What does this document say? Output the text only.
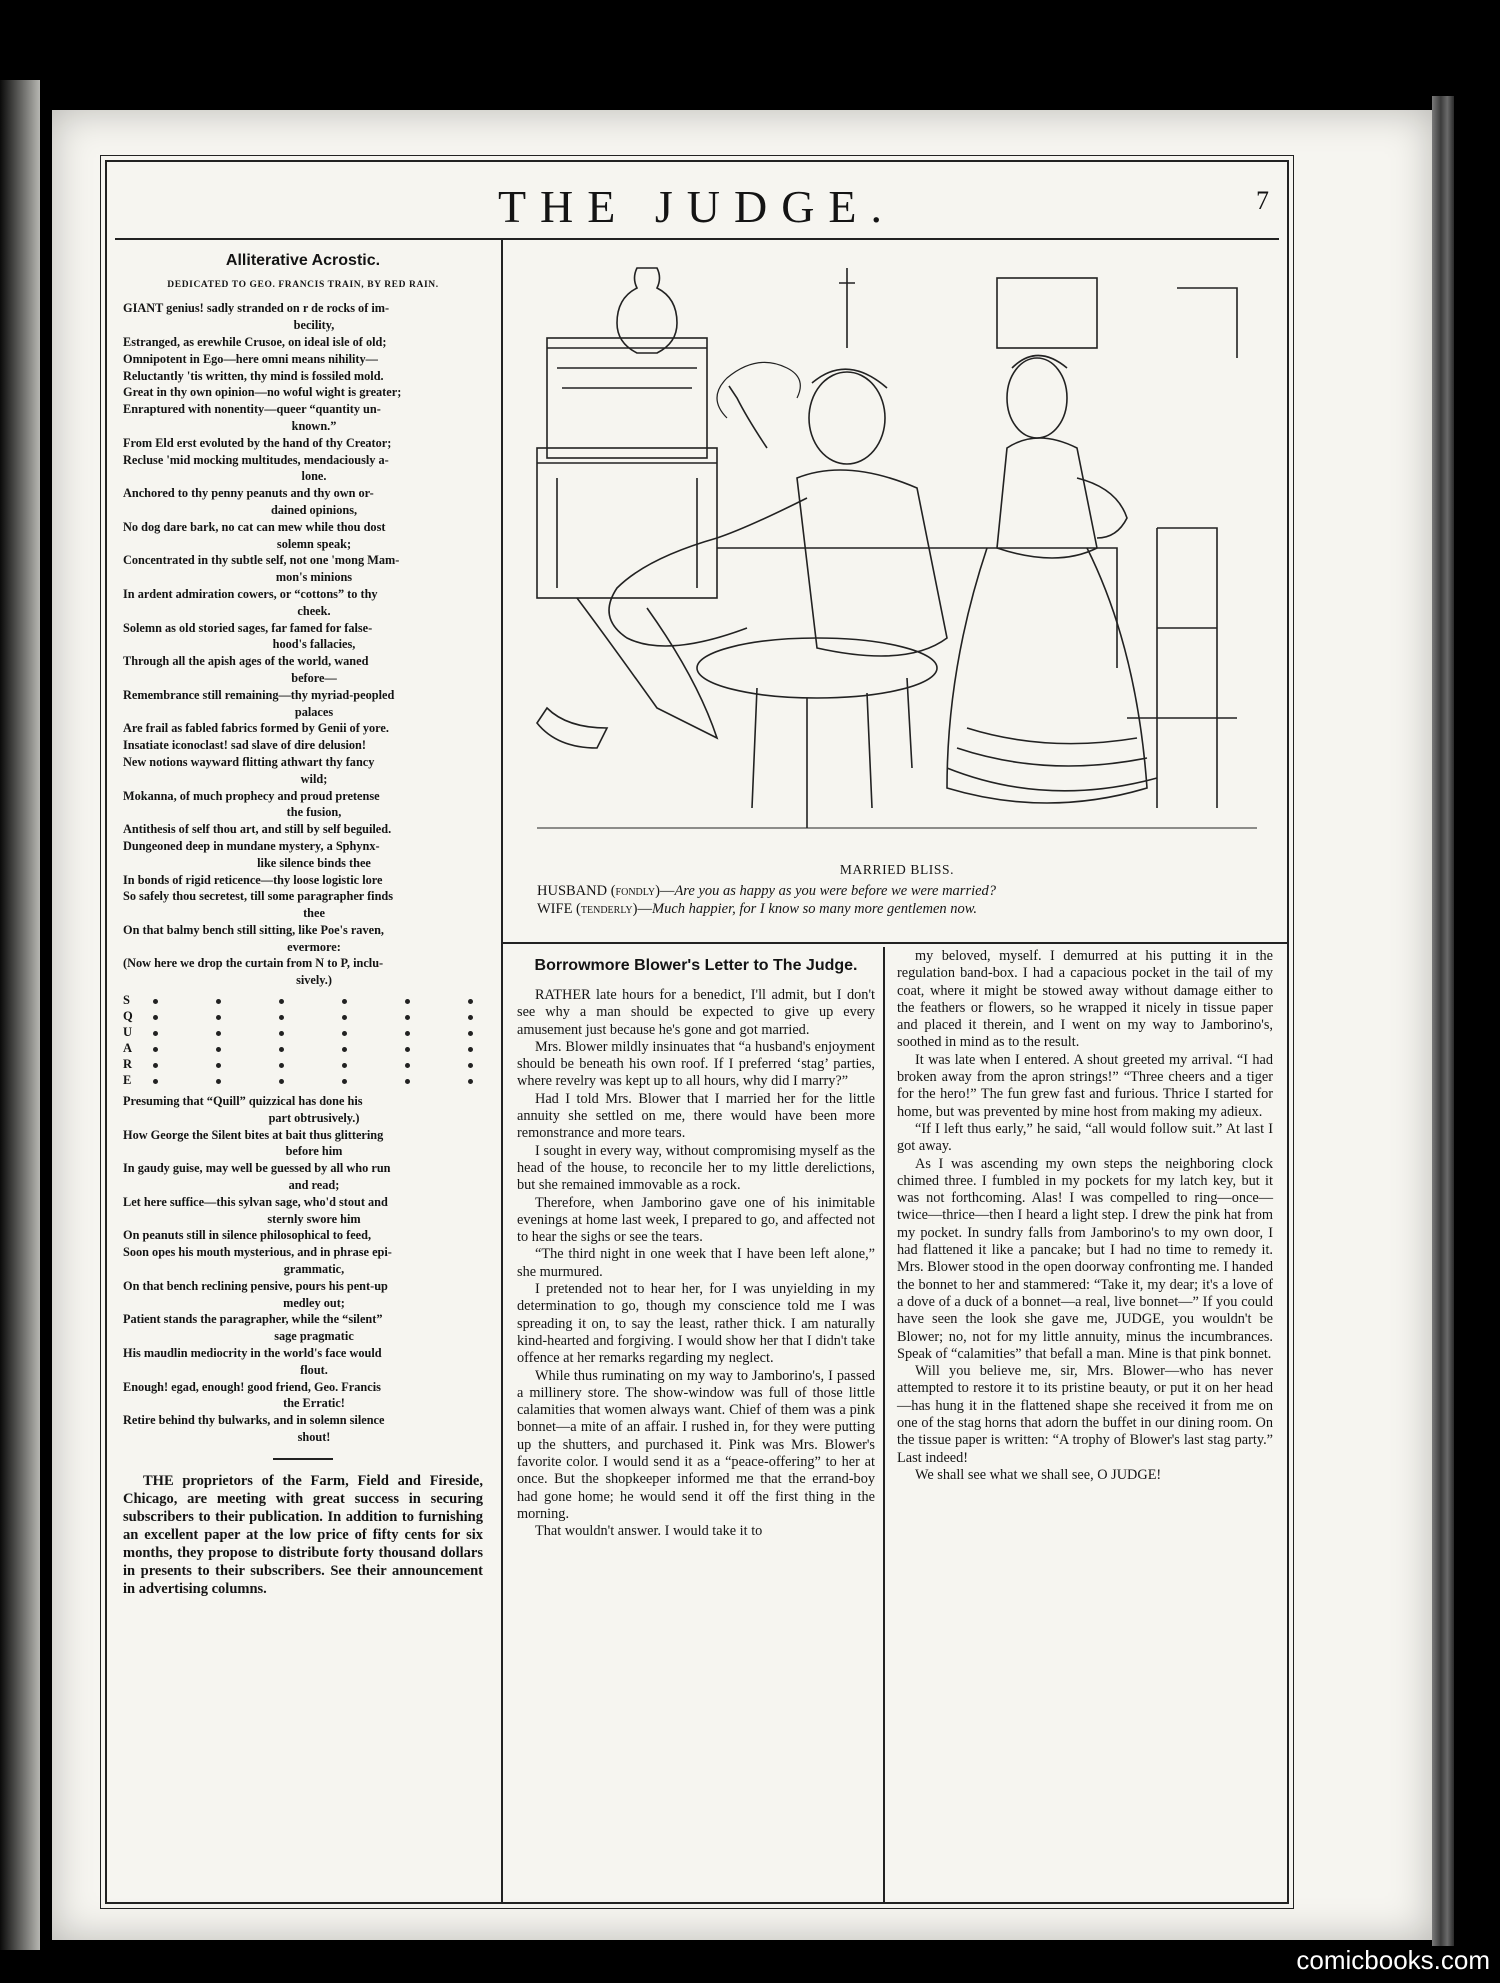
THE JUDGE.	7
Alliterative Acrostic.
DEDICATED TO GEO. FRANCIS TRAIN, BY RED RAIN.
GIANT genius! sadly stranded on r de rocks of im-
becility,
Estranged, as erewhile Crusoe, on ideal isle of old;
Omnipotent in Ego—here omni means nihility—
Reluctantly 'tis written, thy mind is fossiled mold.
Great in thy own opinion—no woful wight is greater;
Enraptured with nonentity—queer “quantity un-
known.”
From Eld erst evoluted by the hand of thy Creator;
Recluse 'mid mocking multitudes, mendaciously a-
lone.
Anchored to thy penny peanuts and thy own or-
dained opinions,
No dog dare bark, no cat can mew while thou dost
solemn speak;
Concentrated in thy subtle self, not one 'mong Mam-
mon's minions
In ardent admiration cowers, or “cottons” to thy
cheek.
Solemn as old storied sages, far famed for false-
hood's fallacies,
Through all the apish ages of the world, waned
before—
Remembrance still remaining—thy myriad-peopled
palaces
Are frail as fabled fabrics formed by Genii of yore.
Insatiate iconoclast! sad slave of dire delusion!
New notions wayward flitting athwart thy fancy
wild;
Mokanna, of much prophecy and proud pretense
the fusion,
Antithesis of self thou art, and still by self beguiled.
Dungeoned deep in mundane mystery, a Sphynx-
like silence binds thee
In bonds of rigid reticence—thy loose logistic lore
So safely thou secretest, till some paragrapher finds
thee
On that balmy bench still sitting, like Poe's raven,
evermore:
(Now here we drop the curtain from N to P, inclu-
sively.)
S
Q
U
A
R
E
Presuming that “Quill” quizzical has done his
part obtrusively.)
How George the Silent bites at bait thus glittering
before him
In gaudy guise, may well be guessed by all who run
and read;
Let here suffice—this sylvan sage, who'd stout and
sternly swore him
On peanuts still in silence philosophical to feed,
Soon opes his mouth mysterious, and in phrase epi-
grammatic,
On that bench reclining pensive, pours his pent-up
medley out;
Patient stands the paragrapher, while the “silent”
sage pragmatic
His maudlin mediocrity in the world's face would
flout.
Enough! egad, enough! good friend, Geo. Francis
the Erratic!
Retire behind thy bulwarks, and in solemn silence
shout!
THE proprietors of the Farm, Field and Fireside, Chicago, are meeting with great success in securing subscribers to their publication. In addition to furnishing an excellent paper at the low price of fifty cents for six months, they propose to distribute forty thousand dollars in presents to their subscribers. See their announcement in advertising columns.
MARRIED BLISS.
HUSBAND (fondly)—Are you as happy as you were before we were married?
WIFE (tenderly)—Much happier, for I know so many more gentlemen now.
Borrowmore Blower's Letter to The Judge.

RATHER late hours for a benedict, I'll admit, but I don't see why a man should be expected to give up every amusement just because he's gone and got married.

Mrs. Blower mildly insinuates that “a husband's enjoyment should be beneath his own roof. If I preferred ‘stag’ parties, where revelry was kept up to all hours, why did I marry?”

Had I told Mrs. Blower that I married her for the little annuity she settled on me, there would have been more remonstrance and more tears.

I sought in every way, without compromising myself as the head of the house, to reconcile her to my little derelictions, but she remained immovable as a rock.

Therefore, when Jamborino gave one of his inimitable evenings at home last week, I prepared to go, and affected not to hear the sighs or see the tears.

“The third night in one week that I have been left alone,” she murmured.

I pretended not to hear her, for I was unyielding in my determination to go, though my conscience told me I was spreading it on, to say the least, rather thick. I am naturally kind-hearted and forgiving. I would show her that I didn't take offence at her remarks regarding my neglect.

While thus ruminating on my way to Jamborino's, I passed a millinery store. The show-window was full of those little calamities that women always want. Chief of them was a pink bonnet—a mite of an affair. I rushed in, for they were putting up the shutters, and purchased it. Pink was Mrs. Blower's favorite color. I would send it as a “peace-offering” to her at once. But the shopkeeper informed me that the errand-boy had gone home; he would send it off the first thing in the morning.

That wouldn't answer. I would take it to

my beloved, myself. I demurred at his putting it in the regulation band-box. I had a capacious pocket in the tail of my coat, where it might be stowed away without damage either to the feathers or flowers, so he wrapped it nicely in tissue paper and placed it therein, and I went on my way to Jamborino's, soothed in mind as to the result.

It was late when I entered. A shout greeted my arrival. “I had broken away from the apron strings!” “Three cheers and a tiger for the hero!” The fun grew fast and furious. Thrice I started for home, but was prevented by mine host from making my adieux.

“If I left thus early,” he said, “all would follow suit.” At last I got away.

As I was ascending my own steps the neighboring clock chimed three. I fumbled in my pockets for my latch key, but it was not forthcoming. Alas! I was compelled to ring—once—twice—thrice—then I heard a light step. I drew the pink hat from my pocket. In sundry falls from Jamborino's to my own door, I had flattened it like a pancake; but I had no time to remedy it. Mrs. Blower stood in the open doorway confronting me. I handed the bonnet to her and stammered: “Take it, my dear; it's a love of a dove of a duck of a bonnet—a real, live bonnet—” If you could have seen the look she gave me, JUDGE, you wouldn't be Blower; no, not for my little annuity, minus the incumbrances. Speak of “calamities” that befall a man. Mine is that pink bonnet.

Will you believe me, sir, Mrs. Blower—who has never attempted to restore it to its pristine beauty, or put it on her head—has hung it in the flattened shape she received it from me on one of the stag horns that adorn the buffet in our dining room. On the tissue paper is written: “A trophy of Blower's last stag party.” Last indeed!

We shall see what we shall see, O JUDGE!

comicbooks.com
